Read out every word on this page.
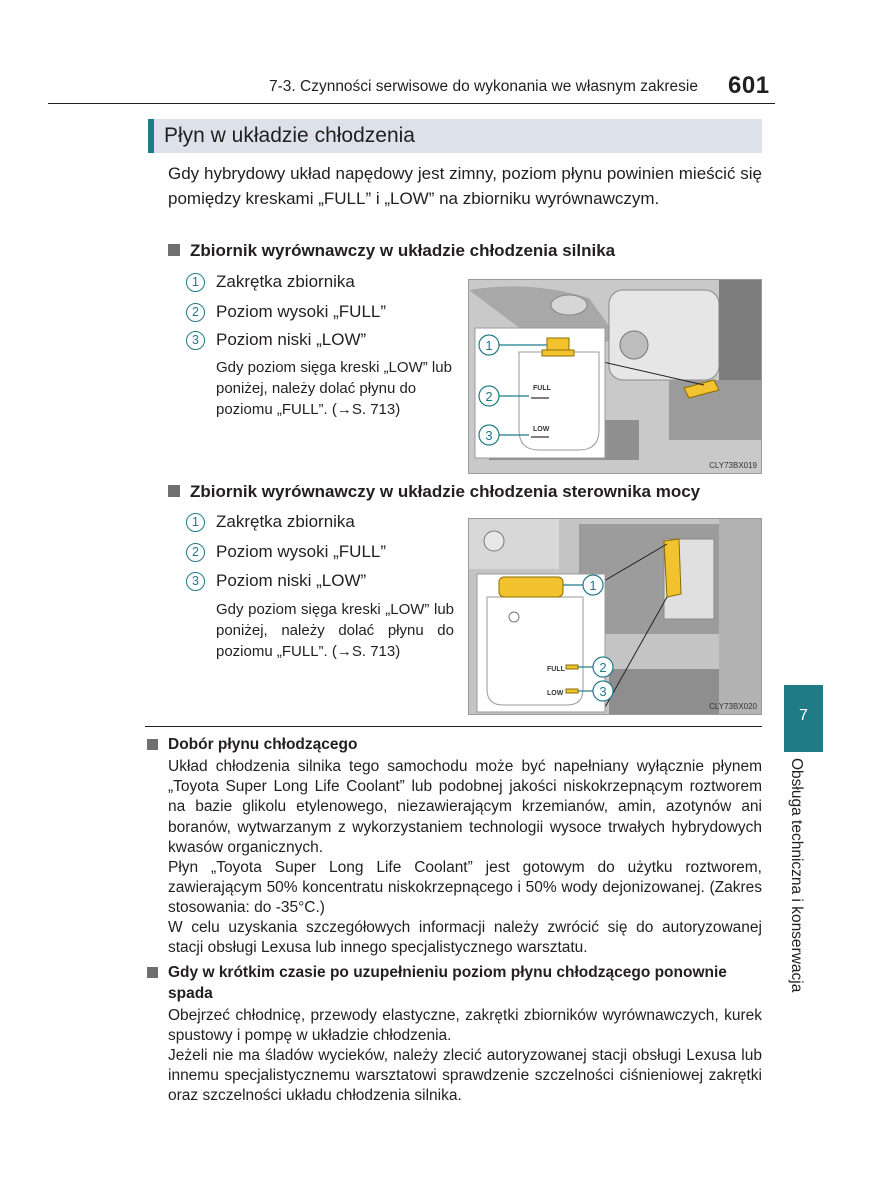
7-3. Czynności serwisowe do wykonania we własnym zakresie 601
Płyn w układzie chłodzenia
Gdy hybrydowy układ napędowy jest zimny, poziom płynu powinien mieścić się pomiędzy kreskami „FULL” i „LOW” na zbiorniku wyrównawczym.
Zbiornik wyrównawczy w układzie chłodzenia silnika
1	Zakrętka zbiornika
2	Poziom wysoki „FULL”
3	Poziom niski „LOW”
Gdy poziom sięga kreski „LOW” lub poniżej, należy dolać płynu do poziomu „FULL”. (→S. 713)
FULL
LOW
1
2
3
CLY73BX019
Zbiornik wyrównawczy w układzie chłodzenia sterownika mocy
1	Zakrętka zbiornika
2	Poziom wysoki „FULL”
3	Poziom niski „LOW”
Gdy poziom sięga kreski „LOW” lub poniżej, należy dolać płynu do poziomu „FULL”. (→S. 713)
FULL
LOW
1
2
3
CLY73BX020
Dobór płynu chłodzącego
Układ chłodzenia silnika tego samochodu może być napełniany wyłącznie płynem „Toyota Super Long Life Coolant” lub podobnej jakości niskokrzepnącym roztworem na bazie glikolu etylenowego, niezawierającym krzemianów, amin, azotynów ani boranów, wytwarzanym z wykorzystaniem technologii wysoce trwałych hybrydowych kwasów organicznych.
Płyn „Toyota Super Long Life Coolant” jest gotowym do użytku roztworem, zawierającym 50% koncentratu niskokrzepnącego i 50% wody dejonizowanej. (Zakres stosowania: do -35°C.)
W celu uzyskania szczegółowych informacji należy zwrócić się do autoryzowanej stacji obsługi Lexusa lub innego specjalistycznego warsztatu.
Gdy w krótkim czasie po uzupełnieniu poziom płynu chłodzącego ponownie spada
Obejrzeć chłodnicę, przewody elastyczne, zakrętki zbiorników wyrównawczych, kurek spustowy i pompę w układzie chłodzenia.
Jeżeli nie ma śladów wycieków, należy zlecić autoryzowanej stacji obsługi Lexusa lub innemu specjalistycznemu warsztatowi sprawdzenie szczelności ciśnieniowej zakrętki oraz szczelności układu chłodzenia silnika.
7
Obsługa techniczna i konserwacja
